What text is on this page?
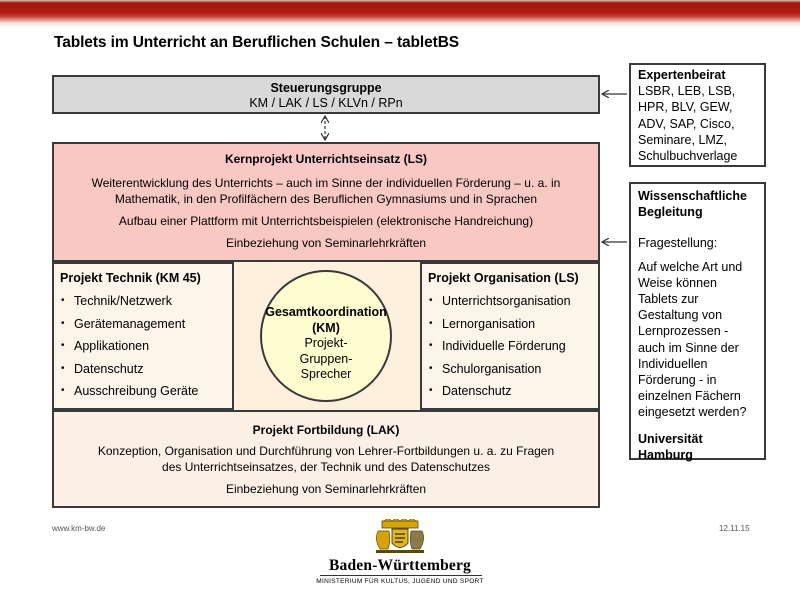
Tablets im Unterricht an Beruflichen Schulen – tabletBS
Steuerungsgruppe
KM / LAK / LS / KLVn / RPn

Kernprojekt Unterrichtseinsatz (LS)

Weiterentwicklung des Unterrichts – auch im Sinne der individuellen Förderung – u. a. in

Mathematik, in den Profilfächern des Beruflichen Gymnasiums und in Sprachen

Aufbau einer Plattform mit Unterrichtsbeispielen (elektronische Handreichung)

Einbeziehung von Seminarlehrkräften

Projekt Technik (KM 45)
• Technik/Netzwerk
• Gerätemanagement
• Applikationen
• Datenschutz
• Ausschreibung Geräte
Projekt Organisation (LS)
• Unterrichtsorganisation
• Lernorganisation
• Individuelle Förderung
• Schulorganisation
• Datenschutz
Gesamtkoordination
(KM)
Projekt-
Gruppen-
Sprecher

Projekt Fortbildung (LAK)

Konzeption, Organisation und Durchführung von Lehrer-Fortbildungen u. a. zu Fragen

des Unterrichtseinsatzes, der Technik und des Datenschutzes

Einbeziehung von Seminarlehrkräften

Expertenbeirat

LSBR, LEB, LSB,

HPR, BLV, GEW,

ADV, SAP, Cisco,

Seminare, LMZ,

Schulbuchverlage

Wissenschaftliche

Begleitung

Fragestellung:

Auf welche Art und

Weise können

Tablets zur

Gestaltung von

Lernprozessen -

auch im Sinne der

Individuellen

Förderung - in

einzelnen Fächern

eingesetzt werden?

Universität

Hamburg

www.km-bw.de	12.11.15
Baden-Württemberg
MINISTERIUM FÜR KULTUS, JUGEND UND SPORT
